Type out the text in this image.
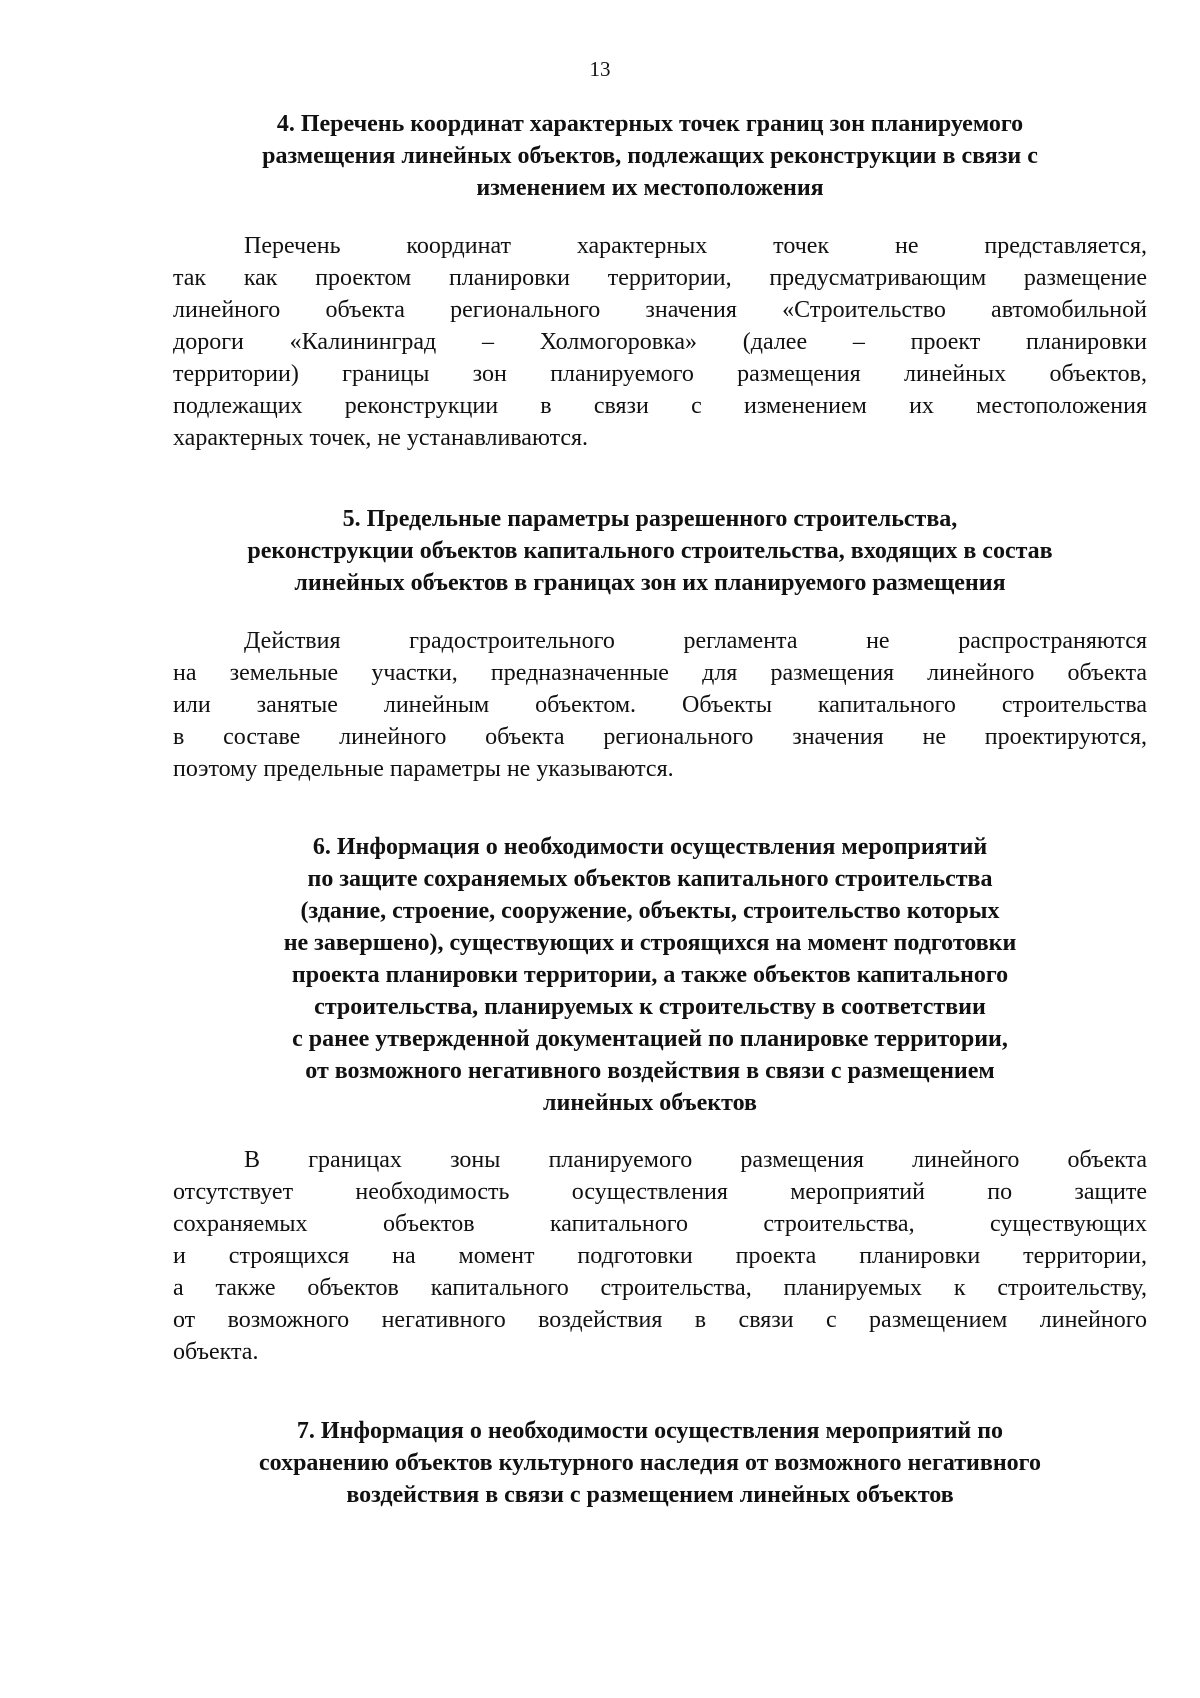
13
4. Перечень координат характерных точек границ зон планируемого
размещения линейных объектов, подлежащих реконструкции в связи с
изменением их местоположения
Перечень координат характерных точек не представляется,
так как проектом планировки территории, предусматривающим размещение
линейного объекта регионального значения «Строительство автомобильной
дороги «Калининград – Холмогоровка» (далее – проект планировки
территории) границы зон планируемого размещения линейных объектов,
подлежащих реконструкции в связи с изменением их местоположения
характерных точек, не устанавливаются.
5. Предельные параметры разрешенного строительства,
реконструкции объектов капитального строительства, входящих в состав
линейных объектов в границах зон их планируемого размещения
Действия градостроительного регламента не распространяются
на земельные участки, предназначенные для размещения линейного объекта
или занятые линейным объектом. Объекты капитального строительства
в составе линейного объекта регионального значения не проектируются,
поэтому предельные параметры не указываются.
6. Информация о необходимости осуществления мероприятий
по защите сохраняемых объектов капитального строительства
(здание, строение, сооружение, объекты, строительство которых
не завершено), существующих и строящихся на момент подготовки
проекта планировки территории, а также объектов капитального
строительства, планируемых к строительству в соответствии
с ранее утвержденной документацией по планировке территории,
от возможного негативного воздействия в связи с размещением
линейных объектов
В границах зоны планируемого размещения линейного объекта
отсутствует необходимость осуществления мероприятий по защите
сохраняемых объектов капитального строительства, существующих
и строящихся на момент подготовки проекта планировки территории,
а также объектов капитального строительства, планируемых к строительству,
от возможного негативного воздействия в связи с размещением линейного
объекта.
7. Информация о необходимости осуществления мероприятий по
сохранению объектов культурного наследия от возможного негативного
воздействия в связи с размещением линейных объектов
